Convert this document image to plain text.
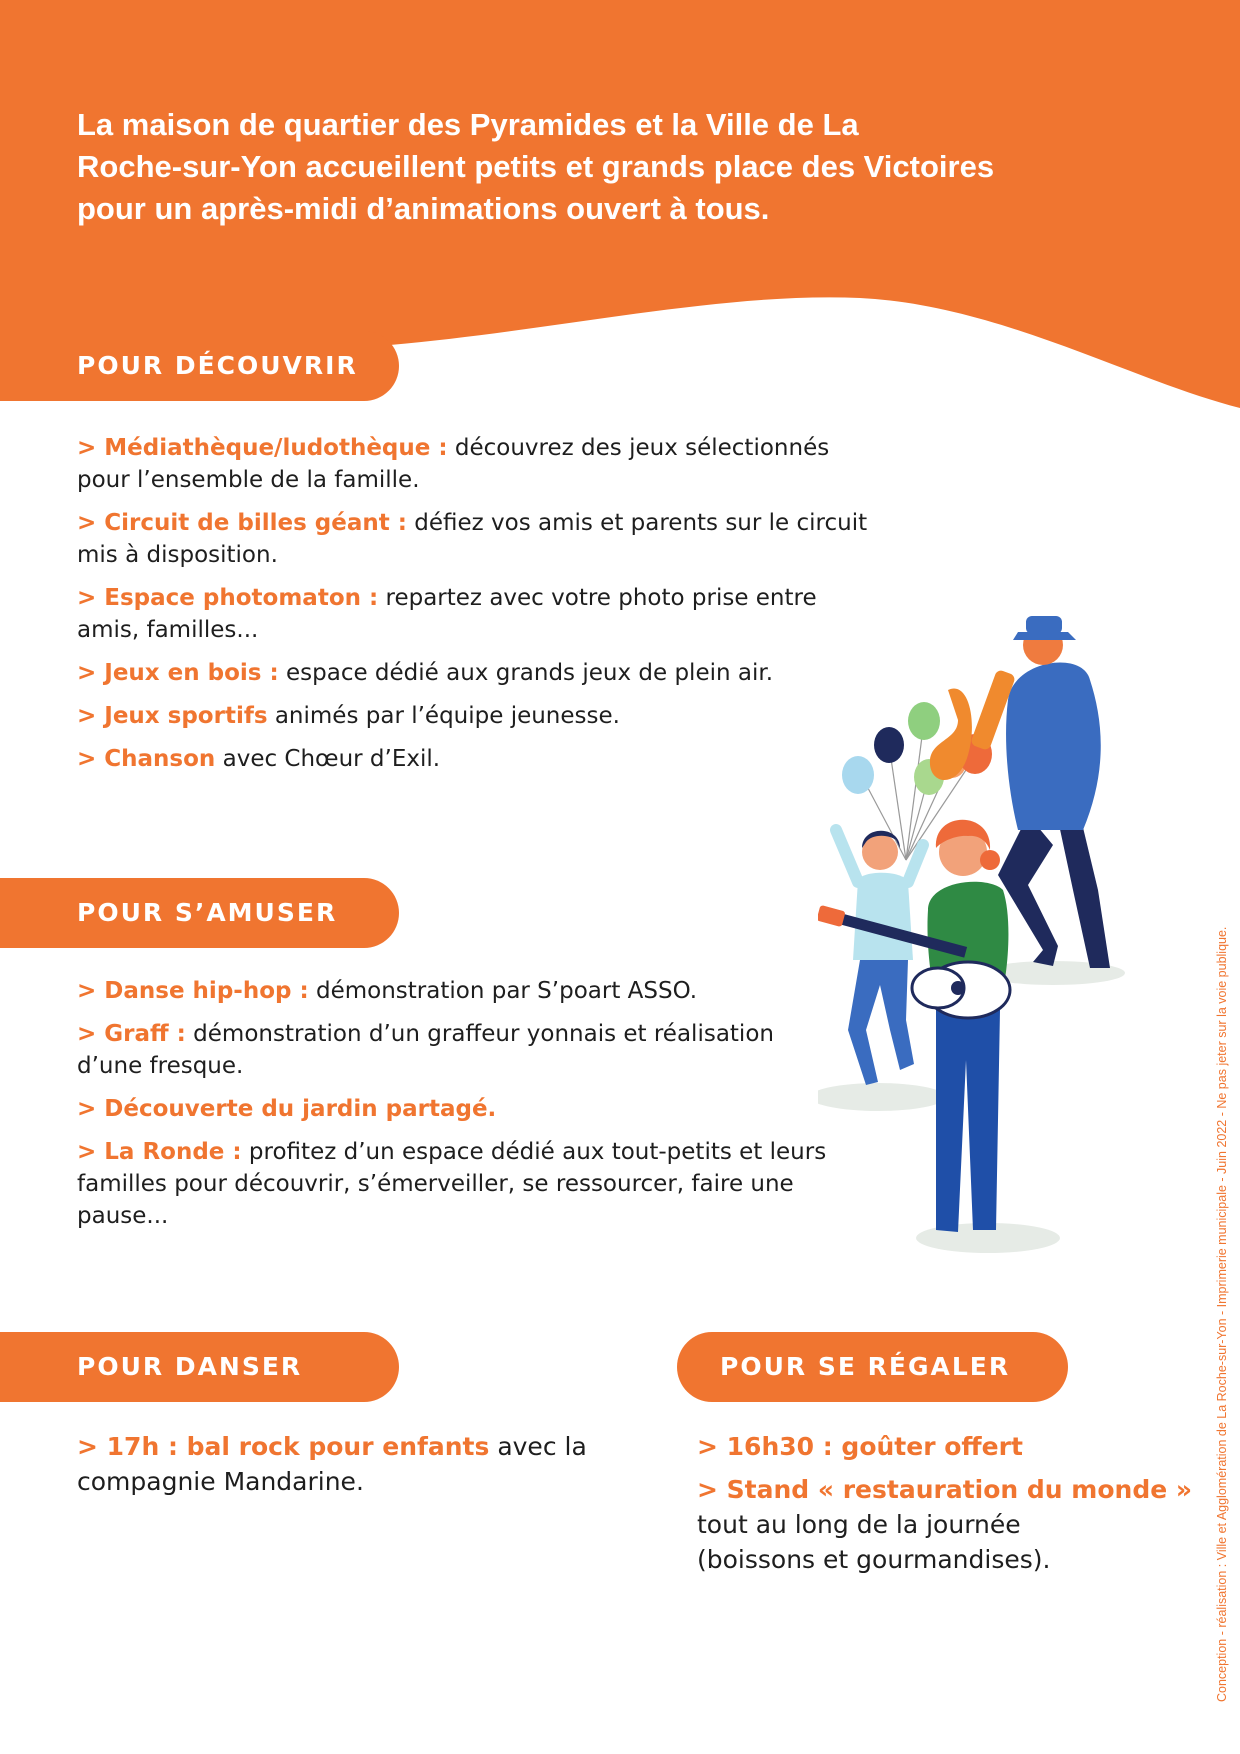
La maison de quartier des Pyramides et la Ville de La
Roche-sur-Yon accueillent petits et grands place des Victoires
pour un après-midi d’animations ouvert à tous.

POUR DÉCOUVRIR
> Médiathèque/ludothèque : découvrez des jeux sélectionnés
pour l’ensemble de la famille.
> Circuit de billes géant : défiez vos amis et parents sur le circuit
mis à disposition.
> Espace photomaton : repartez avec votre photo prise entre
amis, familles...
> Jeux en bois : espace dédié aux grands jeux de plein air.
> Jeux sportifs animés par l’équipe jeunesse.
> Chanson avec Chœur d’Exil.
POUR S’AMUSER
> Danse hip-hop : démonstration par S’poart ASSO.
> Graff : démonstration d’un graffeur yonnais et réalisation
d’une fresque.
> Découverte du jardin partagé.
> La Ronde : profitez d’un espace dédié aux tout-petits et leurs
familles pour découvrir, s’émerveiller, se ressourcer, faire une
pause...
POUR DANSER
> 17h : bal rock pour enfants avec la
compagnie Mandarine.
POUR SE RÉGALER
> 16h30 : goûter offert
> Stand « restauration du monde »
tout au long de la journée
(boissons et gourmandises).	Conception - réalisation : Ville et Agglomération de La Roche-sur-Yon - Imprimerie municipale - Juin 2022 - Ne pas jeter sur la voie publique.
